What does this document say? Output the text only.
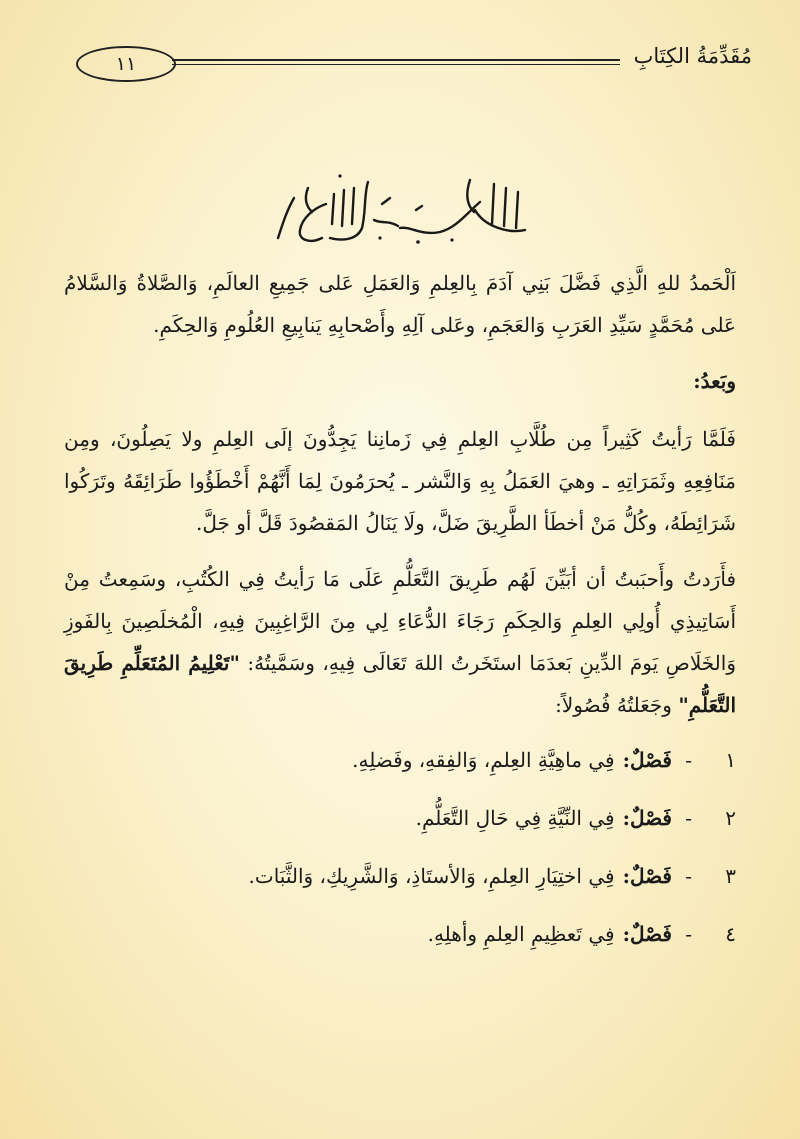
١١	مُقَدِّمَةُ الكِتَابِ

اَلْحَمدُ للهِ الَّذِي فَضَّلَ بَنِي آدَمَ بِالعِلمِ وَالعَمَلِ عَلى جَمِيعِ العالَمِ، وَالصَّلاةُ وَالسَّلامُ عَلى مُحَمَّدٍ سَيِّدِ العَرَبِ وَالعَجَمِ، وعَلى آلِهِ وأَصْحابِهِ يَنابِيعِ العُلُومِ وَالحِكَمِ.

وبَعدُ:

فَلَمَّا رَأيتُ كَثِيراً مِن طُلَّابِ العِلمِ فِي زَمانِنا يَجِدُّونَ إلَى العِلمِ ولا يَصِلُونَ، ومِن مَنَافِعِهِ وثَمَرَاتِهِ ـ وهيَ العَمَلُ بِهِ وَالنَّشر ـ يُحرَمُونَ لِمَا أَنَّهُمْ أَخْطَؤُوا طَرَائِقَهُ وتَرَكُوا شَرَائِطَهُ، وكُلُّ مَنْ أخطَأ الطَّرِيقَ ضَلَّ، ولَا يَنَالُ المَقصُودَ قَلَّ أو جَلَّ.

فأَرَدتُ وأَحبَبتُ أن أبَيِّنَ لَهُم طَرِيقَ التَّعَلُّمِ عَلَى مَا رَأيتُ فِي الكُتُبِ، وسَمِعتُ مِنْ أَسَاتِيذِي أُولِي العِلمِ وَالحِكَمِ رَجَاءَ الدُّعَاءِ لِي مِنَ الرَّاغِبِينَ فِيهِ، الْمُخلَصِينَ بِالفَوزِ وَالخَلَاصِ يَومَ الدِّينِ بَعدَمَا استَخَرتُ اللهَ تَعَالَى فِيهِ، وسَمَّيتُهُ: "تَعْلِيمُ المُتَعَلِّمِ طَرِيقَ التَّعَلُّمِ" وجَعَلتُهُ فُصُولاً:

١
-
فَصْلٌ:
فِي ماهِيَّةِ العِلمِ، وَالفِقهِ، وفَضلِهِ.
٢
-
فَصْلٌ:
فِي النِّيَّةِ فِي حَالِ التَّعَلُّمِ.
٣
-
فَصْلٌ:
فِي اختِيَارِ العِلمِ، وَالأستَاذِ، وَالشَّرِيكِ، وَالثَّبَات.
٤
-
فَصْلٌ:
فِي تَعظِيمِ العِلمِ وأهلِهِ.
